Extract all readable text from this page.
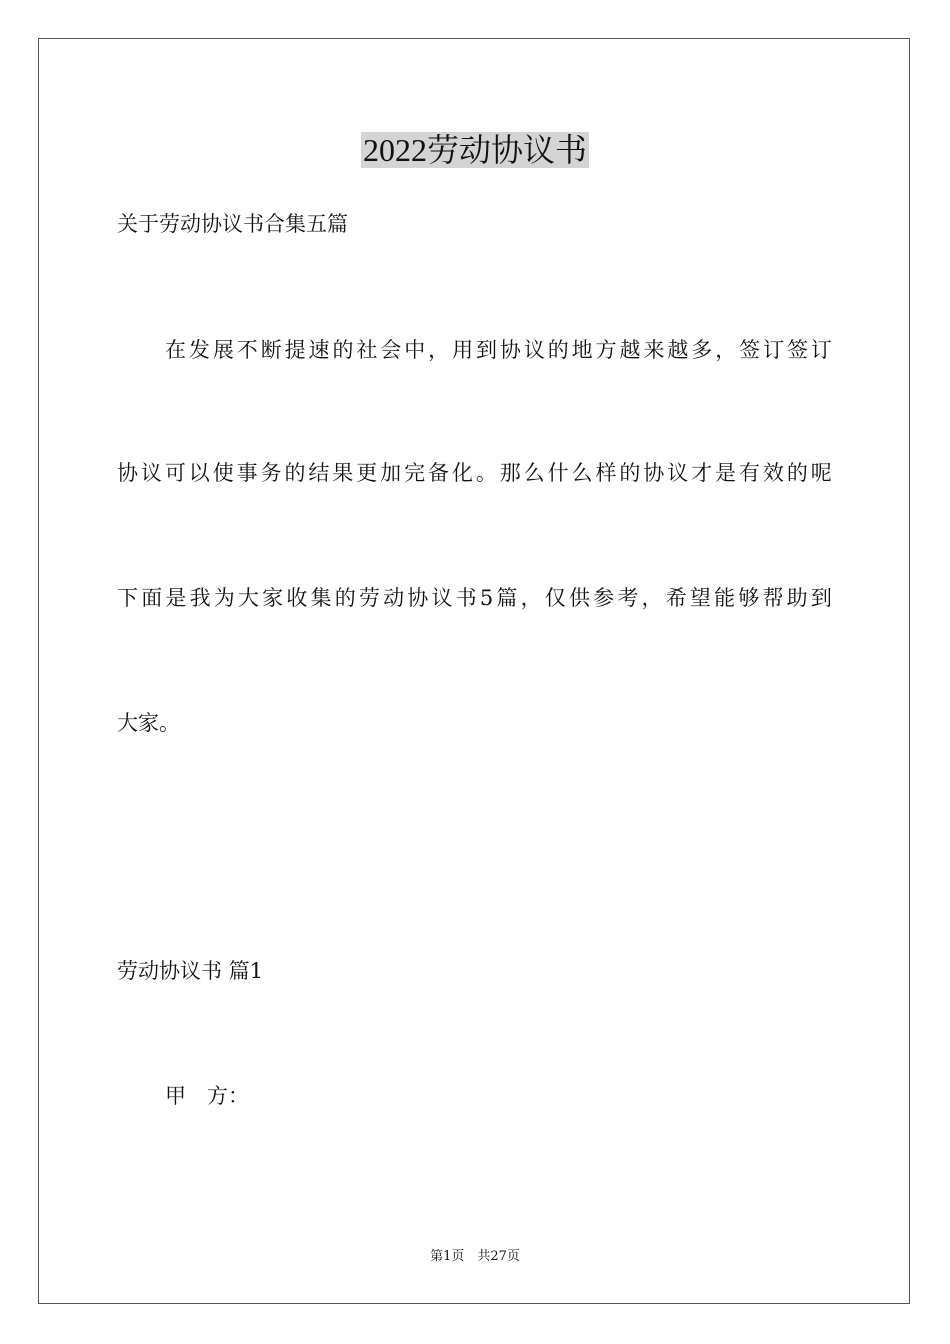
2022劳动协议书
关于劳动协议书合集五篇
在 发 展 不 断 提 速 的 社 会 中 ， 用 到 协 议 的 地 方 越 来 越 多 ， 签 订 签 订
协 议 可 以 使 事 务 的 结 果 更 加 完 备 化 。 那 么 什 么 样 的 协 议 才 是 有 效 的 呢
下 面 是 我 为 大 家 收 集 的 劳 动 协 议 书 5 篇 ， 仅 供 参 考 ， 希 望 能 够 帮 助 到
大家。
劳动协议书 篇1
甲　方：
第1页　共27页
